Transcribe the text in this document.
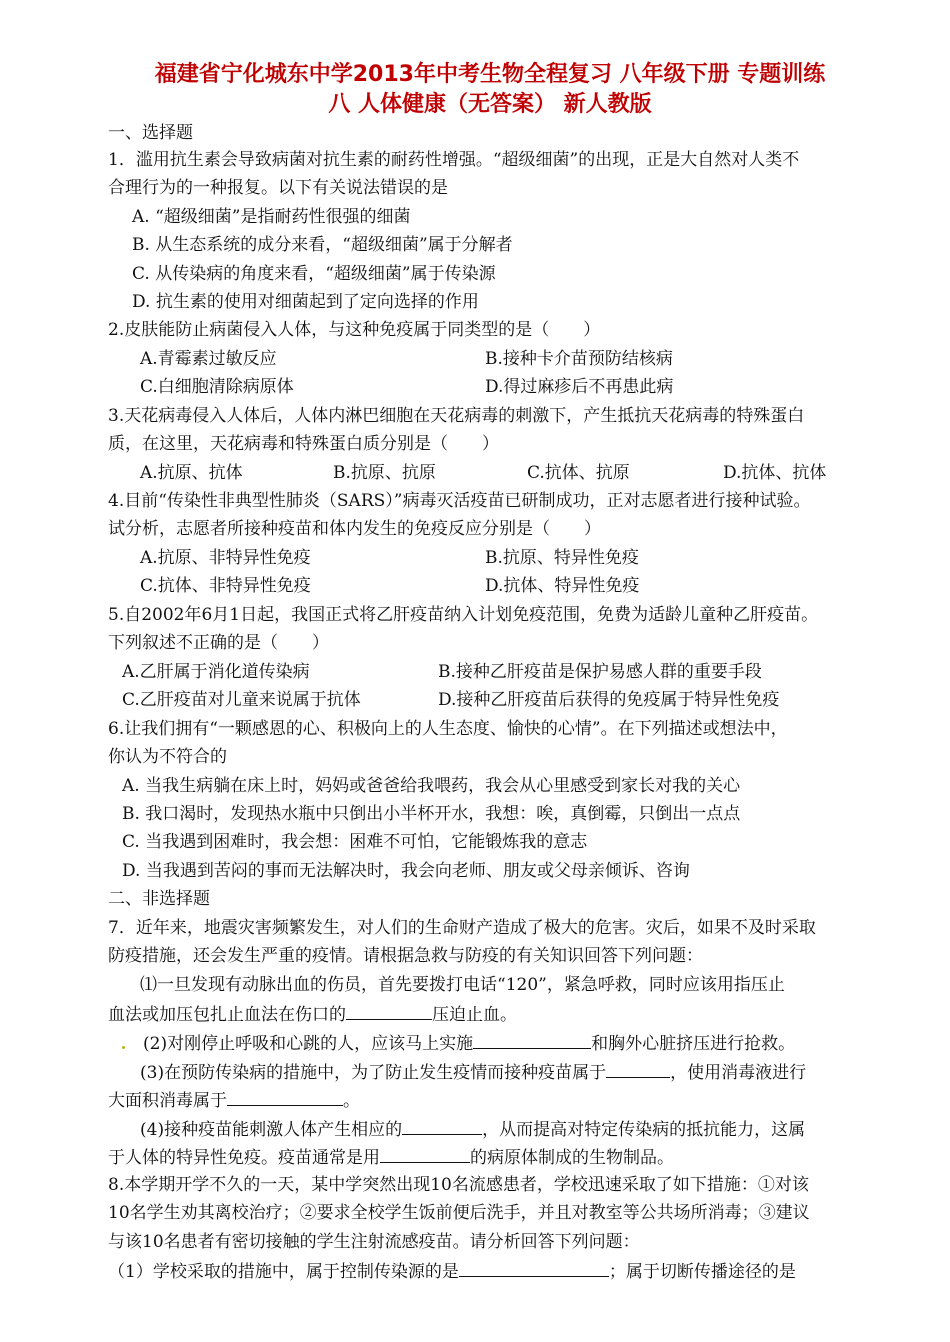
福建省宁化城东中学2013年中考生物全程复习 八年级下册 专题训练
八 人体健康（无答案） 新人教版
一、选择题
1．滥用抗生素会导致病菌对抗生素的耐药性增强。“超级细菌”的出现，正是大自然对人类不
合理行为的一种报复。以下有关说法错误的是
A. “超级细菌”是指耐药性很强的细菌
B. 从生态系统的成分来看，“超级细菌”属于分解者
C. 从传染病的角度来看，“超级细菌”属于传染源
D. 抗生素的使用对细菌起到了定向选择的作用
2.皮肤能防止病菌侵入人体，与这种免疫属于同类型的是（　　）
A.青霉素过敏反应	B.接种卡介苗预防结核病
C.白细胞清除病原体	D.得过麻疹后不再患此病
3.天花病毒侵入人体后，人体内淋巴细胞在天花病毒的刺激下，产生抵抗天花病毒的特殊蛋白
质，在这里，天花病毒和特殊蛋白质分别是（　　）
A.抗原、抗体	B.抗原、抗原	C.抗体、抗原	D.抗体、抗体
4.目前“传染性非典型性肺炎（SARS）”病毒灭活疫苗已研制成功，正对志愿者进行接种试验。
试分析，志愿者所接种疫苗和体内发生的免疫反应分别是（　　）
A.抗原、非特异性免疫	B.抗原、特异性免疫
C.抗体、非特异性免疫	D.抗体、特异性免疫
5.自2002年6月1日起，我国正式将乙肝疫苗纳入计划免疫范围，免费为适龄儿童种乙肝疫苗。
下列叙述不正确的是（　　）
A.乙肝属于消化道传染病	B.接种乙肝疫苗是保护易感人群的重要手段
C.乙肝疫苗对儿童来说属于抗体	D.接种乙肝疫苗后获得的免疫属于特异性免疫
6.让我们拥有“一颗感恩的心、积极向上的人生态度、愉快的心情”。在下列描述或想法中，
你认为不符合的
A. 当我生病躺在床上时，妈妈或爸爸给我喂药，我会从心里感受到家长对我的关心
B. 我口渴时，发现热水瓶中只倒出小半杯开水，我想：唉，真倒霉，只倒出一点点
C. 当我遇到困难时，我会想：困难不可怕，它能锻炼我的意志
D. 当我遇到苦闷的事而无法解决时，我会向老师、朋友或父母亲倾诉、咨询
二、非选择题
7．近年来，地震灾害频繁发生，对人们的生命财产造成了极大的危害。灾后，如果不及时采取
防疫措施，还会发生严重的疫情。请根据急救与防疫的有关知识回答下列问题：
⑴一旦发现有动脉出血的伤员，首先要拨打电话“120”，紧急呼救，同时应该用指压止
血法或加压包扎止血法在伤口的	压迫止血。
(2)对刚停止呼吸和心跳的人，应该马上实施	和胸外心脏挤压进行抢救。
(3)在预防传染病的措施中，为了防止发生疫情而接种疫苗属于	，使用消毒液进行
大面积消毒属于	。
(4)接种疫苗能刺激人体产生相应的	，从而提高对特定传染病的抵抗能力，这属
于人体的特异性免疫。疫苗通常是用	的病原体制成的生物制品。
8.本学期开学不久的一天，某中学突然出现10名流感患者，学校迅速采取了如下措施：①对该
10名学生劝其离校治疗；②要求全校学生饭前便后洗手，并且对教室等公共场所消毒；③建议
与该10名患者有密切接触的学生注射流感疫苗。请分析回答下列问题：
（1）学校采取的措施中，属于控制传染源的是	；属于切断传播途径的是
